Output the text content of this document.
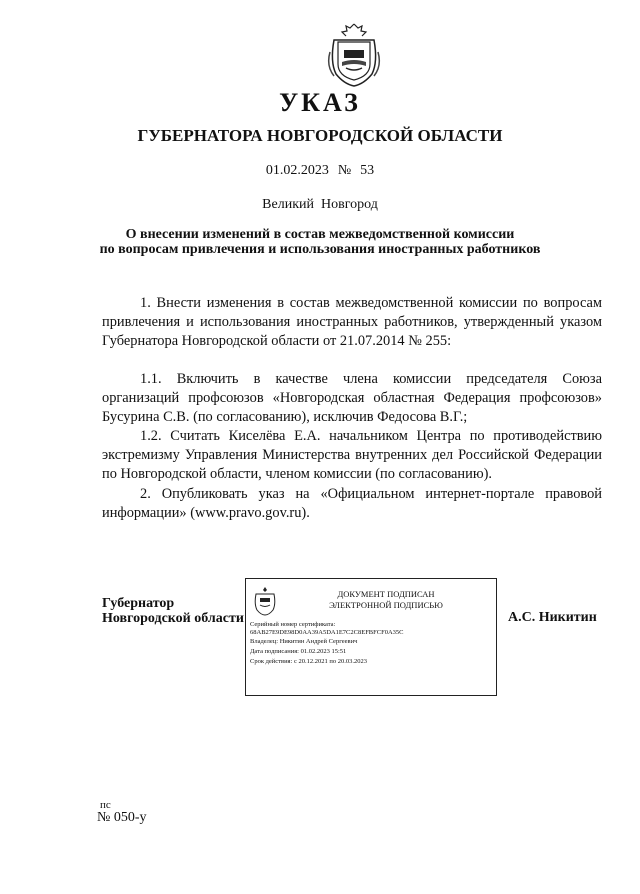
УКАЗ
ГУБЕРНАТОРА НОВГОРОДСКОЙ ОБЛАСТИ
01.02.2023  №  53
Великий  Новгород
О внесении изменений в состав межведомственной комиссии
по вопросам привлечения и использования иностранных работников
1. Внести изменения в состав межведомственной комиссии по вопросам привлечения и использования иностранных работников, утвержденный указом Губернатора Новгородской области от 21.07.2014 № 255:
1.1. Включить в качестве члена комиссии председателя Союза организаций профсоюзов «Новгородская областная Федерация профсоюзов» Бусурина С.В. (по согласованию), исключив Федосова В.Г.;
1.2. Считать Киселёва Е.А. начальником Центра по противодействию экстремизму Управления Министерства внутренних дел Российской Федерации по Новгородской области, членом комиссии (по согласованию).
2. Опубликовать указ на «Официальном интернет-портале правовой информации» (www.pravo.gov.ru).
Губернатор
Новгородской области
ДОКУМЕНТ ПОДПИСАН
ЭЛЕКТРОННОЙ ПОДПИСЬЮ
Серийный номер сертификата:
68AB27E9DE98D0AA39A5DA1E7C2C8EFBFCF0A35C
Владелец: Никитин Андрей Сергеевич
Дата подписания: 01.02.2023 15:51
Срок действия: с 20.12.2021 по 20.03.2023
А.С. Никитин
пс
№ 050-у
